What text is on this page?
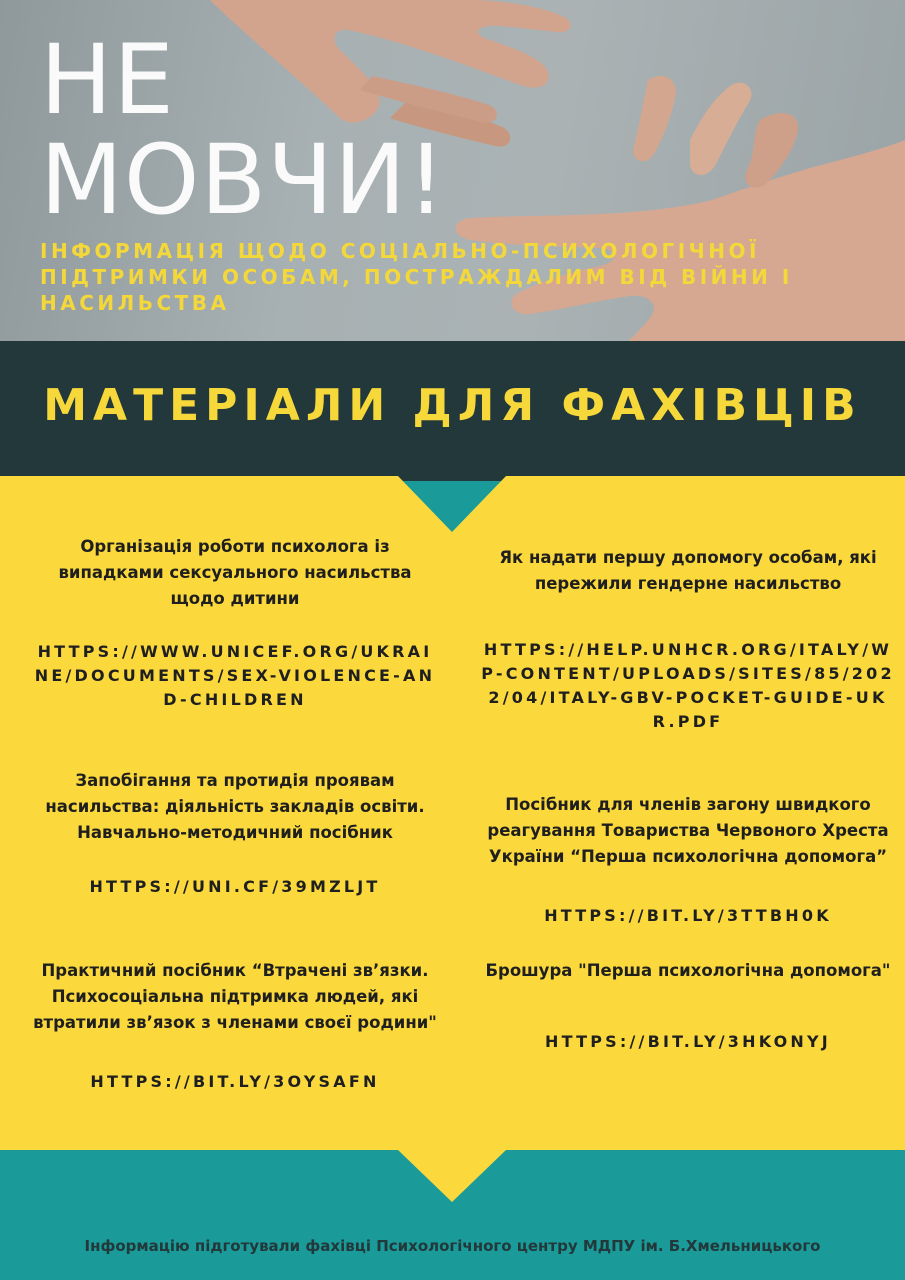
НЕ
МОВЧИ!

ІНФОРМАЦІЯ ЩОДО СОЦІАЛЬНО-ПСИХОЛОГІЧНОЇ ПІДТРИМКИ ОСОБАМ, ПОСТРАЖДАЛИМ ВІД ВІЙНИ І НАСИЛЬСТВА

МАТЕРІАЛИ ДЛЯ ФАХІВЦІВ

Організація роботи психолога із випадками сексуального насильства щодо дитини

HTTPS://WWW.UNICEF.ORG/UKRAINE/DOCUMENTS/SEX-VIOLENCE-AND-CHILDREN

Запобігання та протидія проявам насильства: діяльність закладів освіти. Навчально-методичний посібник

HTTPS://UNI.CF/39MZLJT

Практичний посібник “Втрачені зв’язки. Психосоціальна підтримка людей, які втратили зв’язок з членами своєї родини"

HTTPS://BIT.LY/3OYSAFN

Як надати першу допомогу особам, які пережили гендерне насильство

HTTPS://HELP.UNHCR.ORG/ITALY/WP-CONTENT/UPLOADS/SITES/85/2022/04/ITALY-GBV-POCKET-GUIDE-UKR.PDF

Посібник для членів загону швидкого реагування Товариства Червоного Хреста України “Перша психологічна допомога”

HTTPS://BIT.LY/3TTBH0K

Брошура "Перша психологічна допомога"

HTTPS://BIT.LY/3HKONYJ

Інформацію підготували фахівці Психологічного центру МДПУ ім. Б.Хмельницького
